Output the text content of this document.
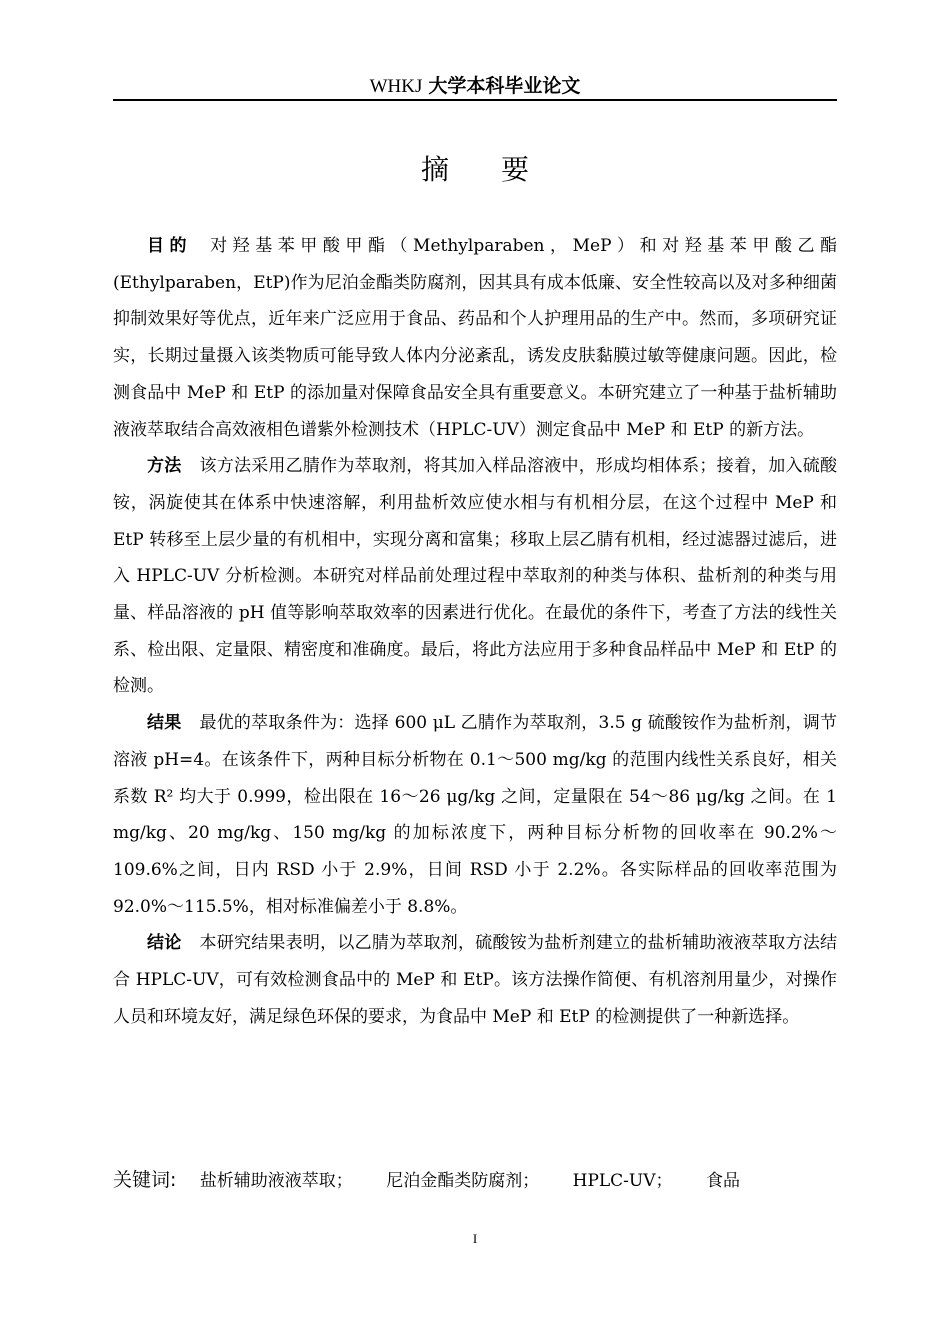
WHKJ 大学本科毕业论文
摘要

目的 对羟基苯甲酸甲酯（Methylparaben，MeP）和对羟基苯甲酸乙酯(Ethylparaben，EtP)作为尼泊金酯类防腐剂，因其具有成本低廉、安全性较高以及对多种细菌抑制效果好等优点，近年来广泛应用于食品、药品和个人护理用品的生产中。然而，多项研究证实，长期过量摄入该类物质可能导致人体内分泌紊乱，诱发皮肤黏膜过敏等健康问题。因此，检测食品中 MeP 和 EtP 的添加量对保障食品安全具有重要意义。本研究建立了一种基于盐析辅助液液萃取结合高效液相色谱紫外检测技术（HPLC-UV）测定食品中 MeP 和 EtP 的新方法。

方法 该方法采用乙腈作为萃取剂，将其加入样品溶液中，形成均相体系；接着，加入硫酸铵，涡旋使其在体系中快速溶解，利用盐析效应使水相与有机相分层，在这个过程中 MeP 和 EtP 转移至上层少量的有机相中，实现分离和富集；移取上层乙腈有机相，经过滤器过滤后，进入 HPLC-UV 分析检测。本研究对样品前处理过程中萃取剂的种类与体积、盐析剂的种类与用量、样品溶液的 pH 值等影响萃取效率的因素进行优化。在最优的条件下，考查了方法的线性关系、检出限、定量限、精密度和准确度。最后，将此方法应用于多种食品样品中 MeP 和 EtP 的检测。

结果 最优的萃取条件为：选择 600 μL 乙腈作为萃取剂，3.5 g 硫酸铵作为盐析剂，调节溶液 pH=4。在该条件下，两种目标分析物在 0.1～500 mg/kg 的范围内线性关系良好，相关系数 R² 均大于 0.999，检出限在 16～26 μg/kg 之间，定量限在 54～86 μg/kg 之间。在 1 mg/kg、20 mg/kg、150 mg/kg 的加标浓度下，两种目标分析物的回收率在 90.2%～109.6%之间，日内 RSD 小于 2.9%，日间 RSD 小于 2.2%。各实际样品的回收率范围为 92.0%～115.5%，相对标准偏差小于 8.8%。

结论 本研究结果表明，以乙腈为萃取剂，硫酸铵为盐析剂建立的盐析辅助液液萃取方法结合 HPLC-UV，可有效检测食品中的 MeP 和 EtP。该方法操作简便、有机溶剂用量少，对操作人员和环境友好，满足绿色环保的要求，为食品中 MeP 和 EtP 的检测提供了一种新选择。

关键词: 盐析辅助液液萃取； 尼泊金酯类防腐剂； HPLC-UV； 食品
I
